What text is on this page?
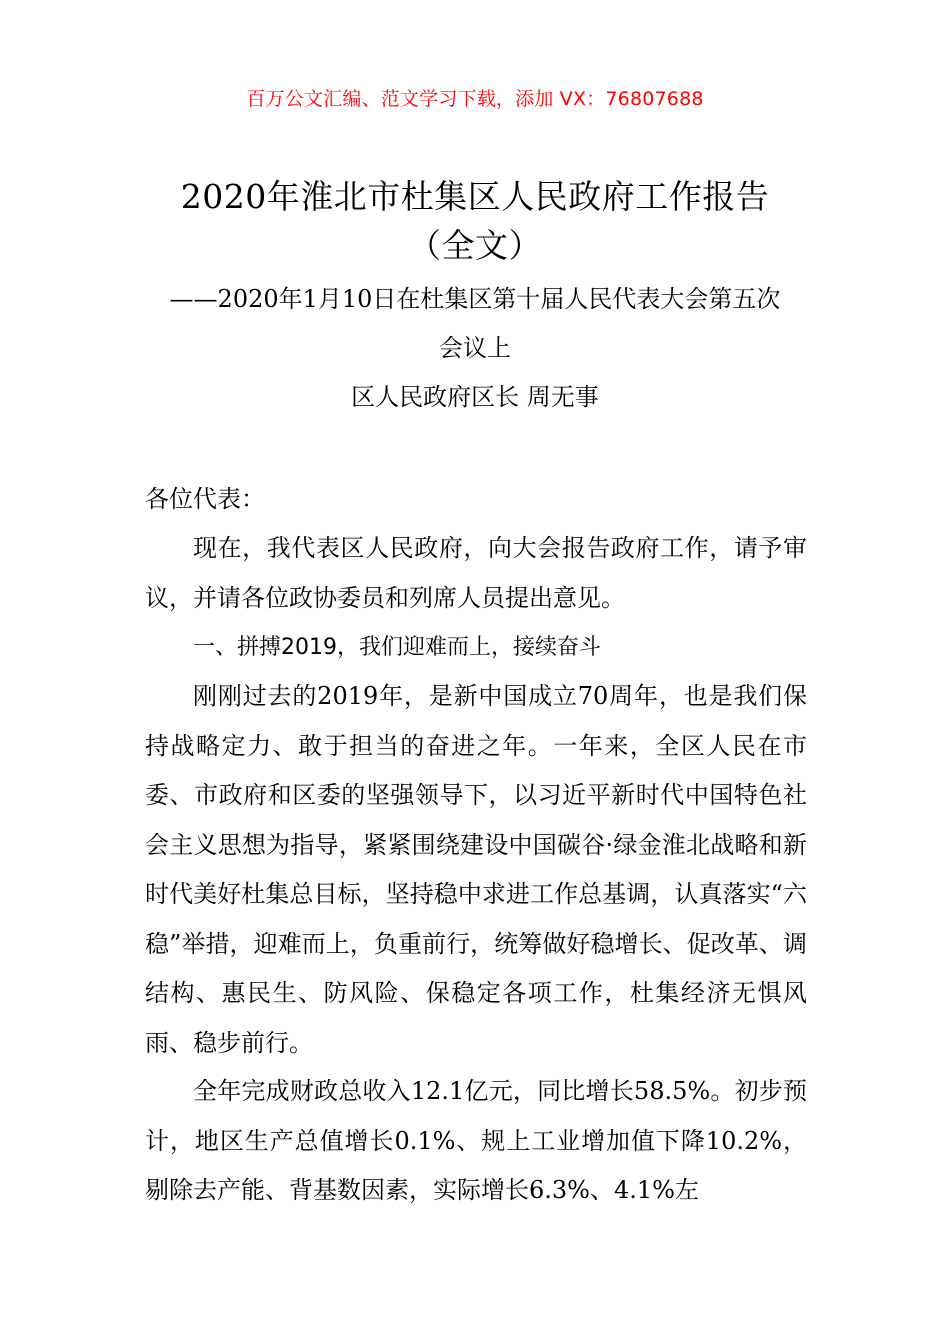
百万公文汇编、范文学习下载，添加 VX：76807688
2020年淮北市杜集区人民政府工作报告
（全文）
——2020年1月10日在杜集区第十届人民代表大会第五次
会议上
区人民政府区长 周无事
各位代表：

现在，我代表区人民政府，向大会报告政府工作，请予审议，并请各位政协委员和列席人员提出意见。

一、拼搏2019，我们迎难而上，接续奋斗

刚刚过去的2019年，是新中国成立70周年，也是我们保持战略定力、敢于担当的奋进之年。一年来，全区人民在市委、市政府和区委的坚强领导下，以习近平新时代中国特色社会主义思想为指导，紧紧围绕建设中国碳谷·绿金淮北战略和新时代美好杜集总目标，坚持稳中求进工作总基调，认真落实“六稳”举措，迎难而上，负重前行，统筹做好稳增长、促改革、调结构、惠民生、防风险、保稳定各项工作，杜集经济无惧风雨、稳步前行。

全年完成财政总收入12.1亿元，同比增长58.5%。初步预计，地区生产总值增长0.1%、规上工业增加值下降10.2%，剔除去产能、背基数因素，实际增长6.3%、4.1%左
